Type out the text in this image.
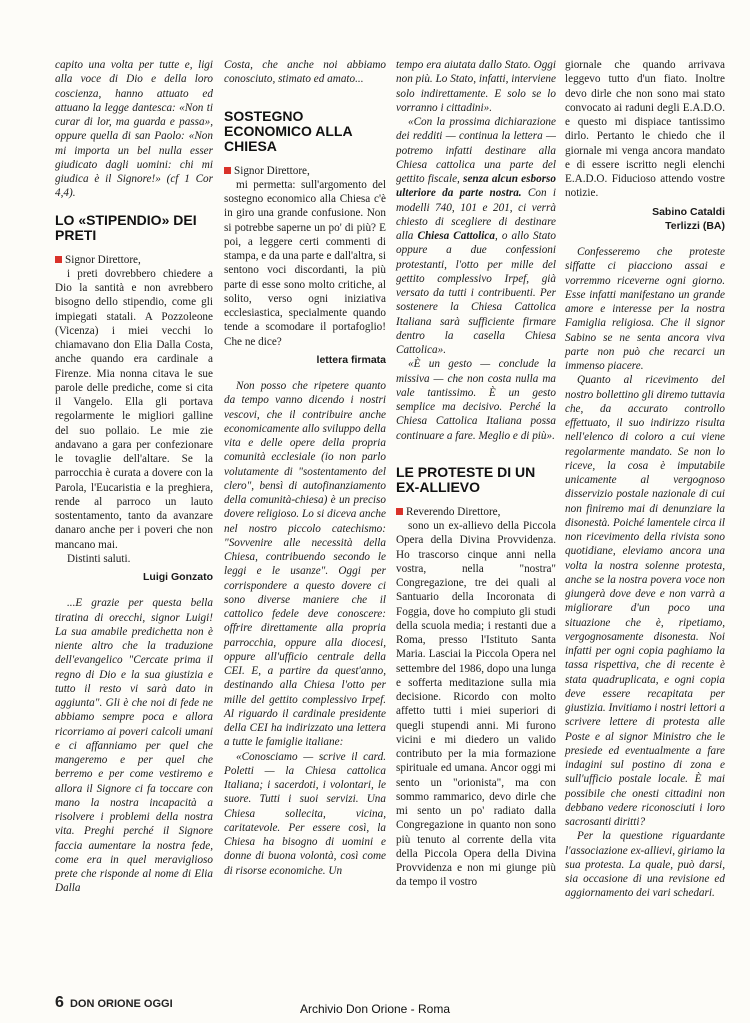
capito una volta per tutte e, ligi alla voce di Dio e della loro coscienza, hanno attuato ed attuano la legge dantesca: «Non ti curar di lor, ma guarda e passa», oppure quella di san Paolo: «Non mi importa un bel nulla esser giudicato dagli uomini: chi mi giudica è il Signore!» (cf 1 Cor 4,4).

LO «STIPENDIO» DEI PRETI

Signor Direttore,

i preti dovrebbero chiedere a Dio la santità e non avrebbero bisogno dello stipendio, come gli impiegati statali. A Pozzoleone (Vicenza) i miei vecchi lo chiamavano don Elia Dalla Costa, anche quando era cardinale a Firenze. Mia nonna citava le sue parole delle prediche, come si cita il Vangelo. Ella gli portava regolarmente le migliori galline del suo pollaio. Le mie zie andavano a gara per confezionare le tovaglie dell'altare. Se la parrocchia è curata a dovere con la Parola, l'Eucaristia e la preghiera, rende al parroco un lauto sostentamento, tanto da avanzare danaro anche per i poveri che non mancano mai.

Distinti saluti.

Luigi Gonzato

...E grazie per questa bella tiratina di orecchi, signor Luigi! La sua amabile predichetta non è niente altro che la traduzione dell'evangelico "Cercate prima il regno di Dio e la sua giustizia e tutto il resto vi sarà dato in aggiunta". Gli è che noi di fede ne abbiamo sempre poca e allora ricorriamo ai poveri calcoli umani e ci affanniamo per quel che mangeremo e per quel che berremo e per come vestiremo e allora il Signore ci fa toccare con mano la nostra incapacità a risolvere i problemi della nostra vita. Preghi perché il Signore faccia aumentare la nostra fede, come era in quel meraviglioso prete che risponde al nome di Elia Dalla

Costa, che anche noi abbiamo conosciuto, stimato ed amato...

SOSTEGNO ECONOMICO ALLA CHIESA

Signor Direttore,

mi permetta: sull'argomento del sostegno economico alla Chiesa c'è in giro una grande confusione. Non si potrebbe saperne un po' di più? E poi, a leggere certi commenti di stampa, e da una parte e dall'altra, si sentono voci discordanti, la più parte di esse sono molto critiche, al solito, verso ogni iniziativa ecclesiastica, specialmente quando tende a scomodare il portafoglio! Che ne dice?

lettera firmata

Non posso che ripetere quanto da tempo vanno dicendo i nostri vescovi, che il contribuire anche economicamente allo sviluppo della vita e delle opere della propria comunità ecclesiale (io non parlo volutamente di "sostentamento del clero", bensì di autofinanziamento della comunità-chiesa) è un preciso dovere religioso. Lo si diceva anche nel nostro piccolo catechismo: "Sovvenire alle necessità della Chiesa, contribuendo secondo le leggi e le usanze". Oggi per corrispondere a questo dovere ci sono diverse maniere che il cattolico fedele deve conoscere: offrire direttamente alla propria parrocchia, oppure alla diocesi, oppure all'ufficio centrale della CEI. E, a partire da quest'anno, destinando alla Chiesa l'otto per mille del gettito complessivo Irpef. Al riguardo il cardinale presidente della CEI ha indirizzato una lettera a tutte le famiglie italiane:

«Conosciamo — scrive il card. Poletti — la Chiesa cattolica Italiana; i sacerdoti, i volontari, le suore. Tutti i suoi servizi. Una Chiesa sollecita, vicina, caritatevole. Per essere così, la Chiesa ha bisogno di uomini e donne di buona volontà, così come di risorse economiche. Un

tempo era aiutata dallo Stato. Oggi non più. Lo Stato, infatti, interviene solo indirettamente. E solo se lo vorranno i cittadini».

«Con la prossima dichiarazione dei redditi — continua la lettera — potremo infatti destinare alla Chiesa cattolica una parte del gettito fiscale, senza alcun esborso ulteriore da parte nostra. Con i modelli 740, 101 e 201, ci verrà chiesto di scegliere di destinare alla Chiesa Cattolica, o allo Stato oppure a due confessioni protestanti, l'otto per mille del gettito complessivo Irpef, già versato da tutti i contribuenti. Per sostenere la Chiesa Cattolica Italiana sarà sufficiente firmare dentro la casella Chiesa Cattolica».

«È un gesto — conclude la missiva — che non costa nulla ma vale tantissimo. È un gesto semplice ma decisivo. Perché la Chiesa Cattolica Italiana possa continuare a fare. Meglio e di più».

LE PROTESTE DI UN EX-ALLIEVO

Reverendo Direttore,

sono un ex-allievo della Piccola Opera della Divina Provvidenza. Ho trascorso cinque anni nella vostra, nella "nostra" Congregazione, tre dei quali al Santuario della Incoronata di Foggia, dove ho compiuto gli studi della scuola media; i restanti due a Roma, presso l'Istituto Santa Maria. Lasciai la Piccola Opera nel settembre del 1986, dopo una lunga e sofferta meditazione sulla mia decisione. Ricordo con molto affetto tutti i miei superiori di quegli stupendi anni. Mi furono vicini e mi diedero un valido contributo per la mia formazione spirituale ed umana. Ancor oggi mi sento un "orionista", ma con sommo rammarico, devo dirle che mi sento un po' radiato dalla Congregazione in quanto non sono più tenuto al corrente della vita della Piccola Opera della Divina Provvidenza e non mi giunge più da tempo il vostro

giornale che quando arrivava leggevo tutto d'un fiato. Inoltre devo dirle che non sono mai stato convocato ai raduni degli E.A.D.O. e questo mi dispiace tantissimo dirlo. Pertanto le chiedo che il giornale mi venga ancora mandato e di essere iscritto negli elenchi E.A.D.O. Fiducioso attendo vostre notizie.

Sabino Cataldi

Terlizzi (BA)

Confesseremo che proteste siffatte ci piacciono assai e vorremmo riceverne ogni giorno. Esse infatti manifestano un grande amore e interesse per la nostra Famiglia religiosa. Che il signor Sabino se ne senta ancora viva parte non può che recarci un immenso piacere.

Quanto al ricevimento del nostro bollettino gli diremo tuttavia che, da accurato controllo effettuato, il suo indirizzo risulta nell'elenco di coloro a cui viene regolarmente mandato. Se non lo riceve, la cosa è imputabile unicamente al vergognoso disservizio postale nazionale di cui non finiremo mai di denunziare la disonestà. Poiché lamentele circa il non ricevimento della rivista sono quotidiane, eleviamo ancora una volta la nostra solenne protesta, anche se la nostra povera voce non giungerà dove deve e non varrà a migliorare d'un poco una situazione che è, ripetiamo, vergognosamente disonesta. Noi infatti per ogni copia paghiamo la tassa rispettiva, che di recente è stata quadruplicata, e ogni copia deve essere recapitata per giustizia. Invitiamo i nostri lettori a scrivere lettere di protesta alle Poste e al signor Ministro che le presiede ed eventualmente a fare indagini sul postino di zona e sull'ufficio postale locale. È mai possibile che onesti cittadini non debbano vedere riconosciuti i loro sacrosanti diritti?

Per la questione riguardante l'associazione ex-allievi, giriamo la sua protesta. La quale, può darsi, sia occasione di una revisione ed aggiornamento dei vari schedari.

6 DON ORIONE OGGI	Archivio Don Orione - Roma
